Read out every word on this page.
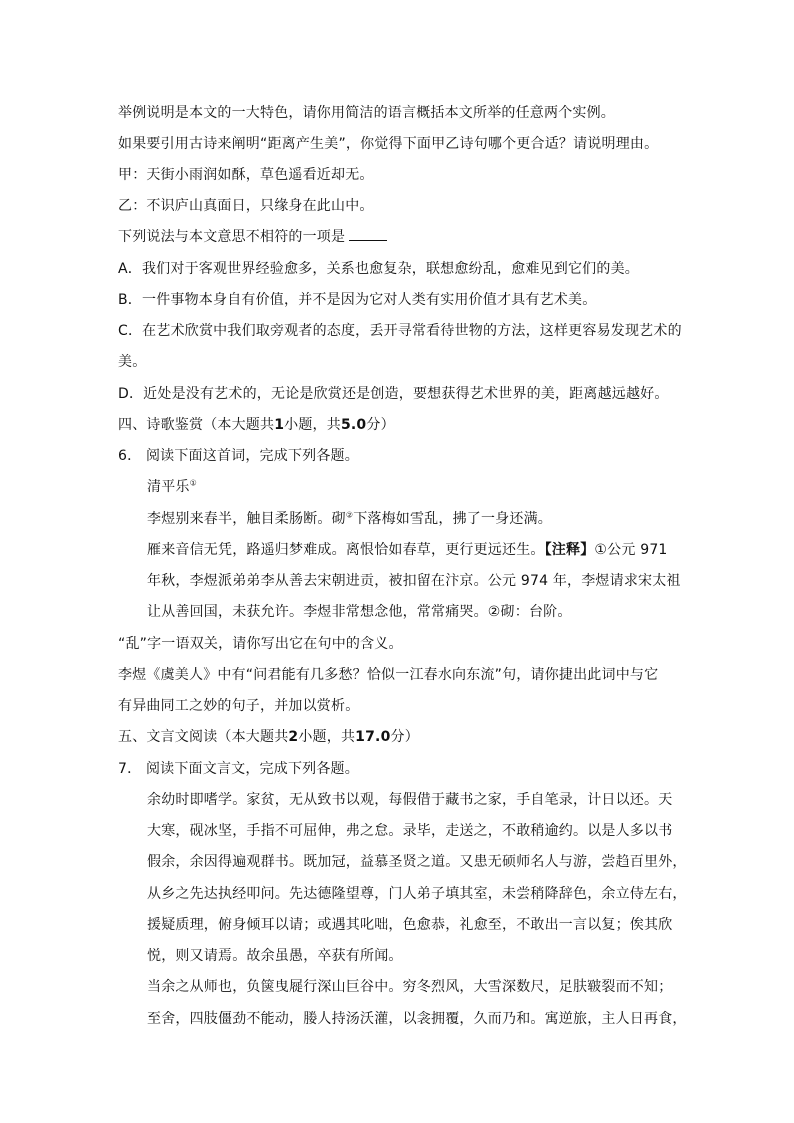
举例说明是本文的一大特色，请你用简洁的语言概括本文所举的任意两个实例。
如果要引用古诗来阐明“距离产生美”，你觉得下面甲乙诗句哪个更合适？请说明理由。
甲：天街小雨润如酥，草色遥看近却无。
乙：不识庐山真面日，只缘身在此山中。
下列说法与本文意思不相符的一项是
A．我们对于客观世界经验愈多，关系也愈复杂，联想愈纷乱，愈难见到它们的美。
B．一件事物本身自有价值，并不是因为它对人类有实用价值才具有艺术美。
C．在艺术欣赏中我们取旁观者的态度，丢开寻常看待世物的方法，这样更容易发现艺术的
美。
D．近处是没有艺术的，无论是欣赏还是创造，要想获得艺术世界的美，距离越远越好。
四、诗歌鉴赏（本大题共1小题，共5.0分）
6． 阅读下面这首词，完成下列各题。
清平乐①
李煜别来春半，触目柔肠断。砌②下落梅如雪乱，拂了一身还满。
雁来音信无凭，路遥归梦难成。离恨恰如春草，更行更远还生。【注释】①公元 971
年秋，李煜派弟弟李从善去宋朝进贡，被扣留在汴京。公元 974 年，李煜请求宋太祖
让从善回国，未获允许。李煜非常想念他，常常痛哭。②砌：台阶。
“乱”字一语双关，请你写出它在句中的含义。
李煜《虞美人》中有“问君能有几多愁？恰似一江春水向东流”句，请你捷出此词中与它
有异曲同工之妙的句子，并加以赏析。
五、文言文阅读（本大题共2小题，共17.0分）
7． 阅读下面文言文，完成下列各题。
余幼时即嗜学。家贫，无从致书以观，每假借于藏书之家，手自笔录，计日以还。天
大寒，砚冰坚，手指不可屈伸，弗之怠。录毕，走送之，不敢稍逾约。以是人多以书
假余，余因得遍观群书。既加冠，益慕圣贤之道。又患无硕师名人与游，尝趋百里外，
从乡之先达执经叩问。先达德隆望尊，门人弟子填其室，未尝稍降辞色，余立侍左右，
援疑质理，俯身倾耳以请；或遇其叱咄，色愈恭，礼愈至，不敢出一言以复；俟其欣
悦，则又请焉。故余虽愚，卒获有所闻。
当余之从师也，负箧曳屣行深山巨谷中。穷冬烈风，大雪深数尺，足肤皲裂而不知；
至舍，四肢僵劲不能动，媵人持汤沃灌，以衾拥覆，久而乃和。寓逆旅，主人日再食，
